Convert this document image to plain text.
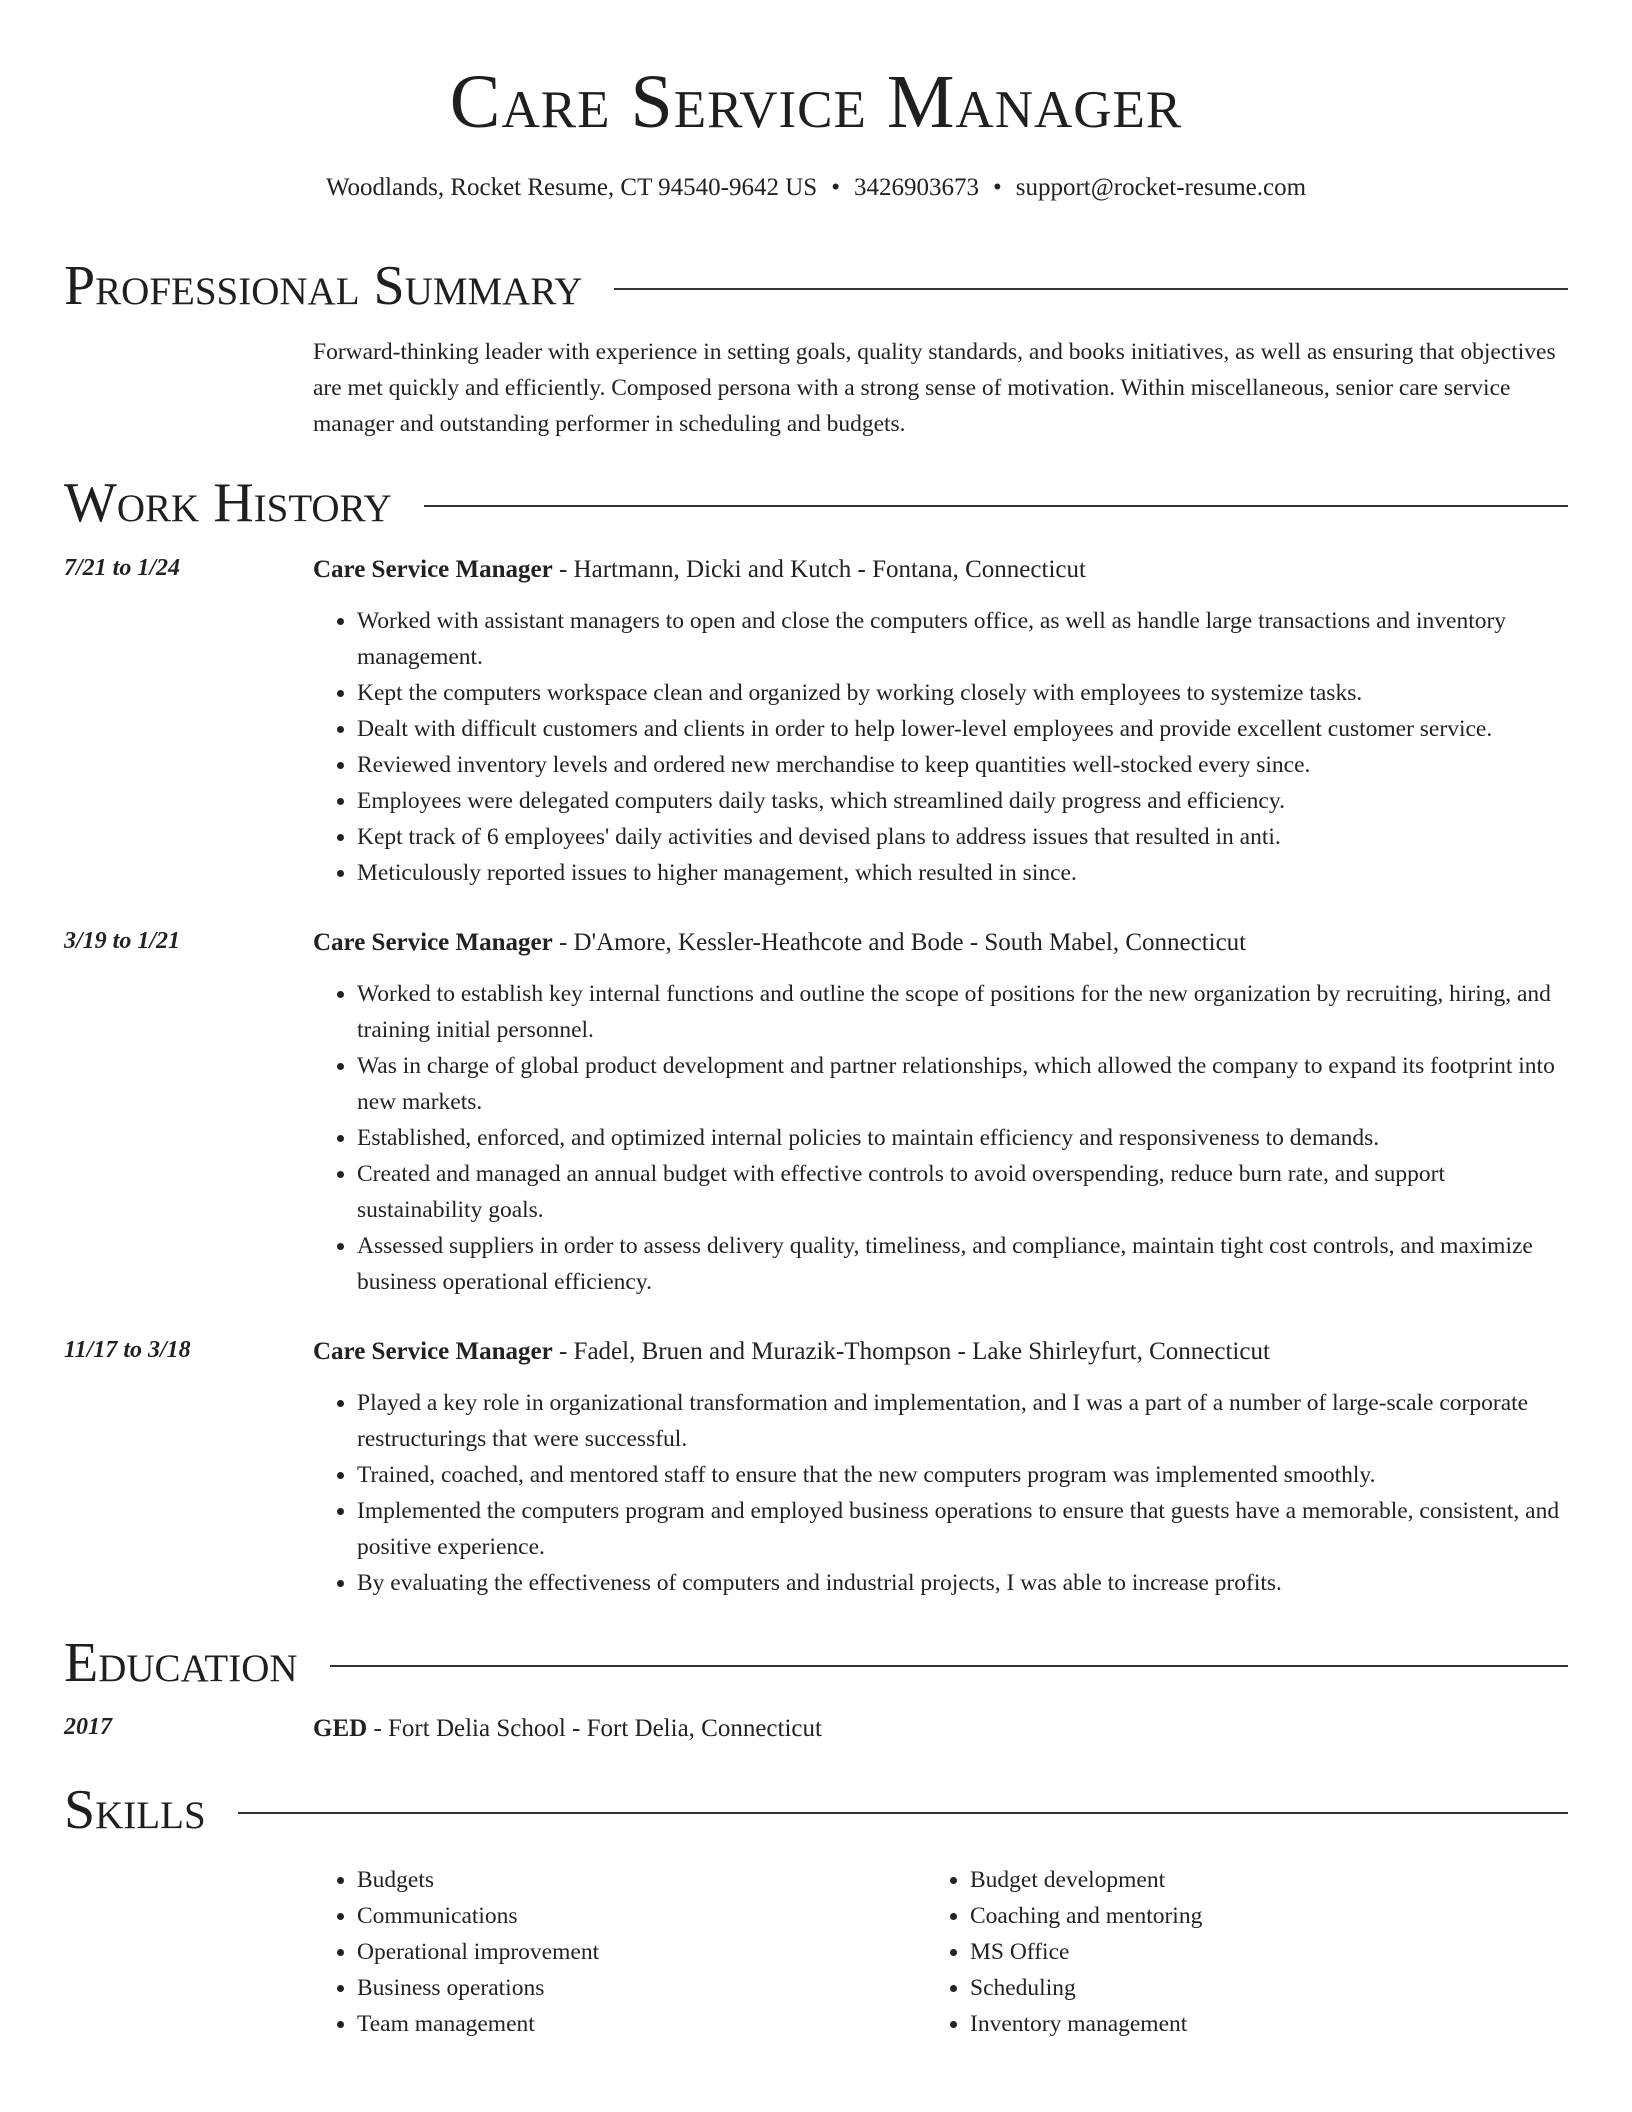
Care Service Manager
Woodlands, Rocket Resume, CT 94540-9642 US • 3426903673 • support@rocket-resume.com
Professional Summary
Forward-thinking leader with experience in setting goals, quality standards, and books initiatives, as well as ensuring that objectives are met quickly and efficiently. Composed persona with a strong sense of motivation. Within miscellaneous, senior care service manager and outstanding performer in scheduling and budgets.
Work History
7/21 to 1/24	Care Service Manager - Hartmann, Dicki and Kutch - Fontana, Connecticut
• Worked with assistant managers to open and close the computers office, as well as handle large transactions and inventory management.
• Kept the computers workspace clean and organized by working closely with employees to systemize tasks.
• Dealt with difficult customers and clients in order to help lower-level employees and provide excellent customer service.
• Reviewed inventory levels and ordered new merchandise to keep quantities well-stocked every since.
• Employees were delegated computers daily tasks, which streamlined daily progress and efficiency.
• Kept track of 6 employees' daily activities and devised plans to address issues that resulted in anti.
• Meticulously reported issues to higher management, which resulted in since.
3/19 to 1/21	Care Service Manager - D'Amore, Kessler-Heathcote and Bode - South Mabel, Connecticut
• Worked to establish key internal functions and outline the scope of positions for the new organization by recruiting, hiring, and training initial personnel.
• Was in charge of global product development and partner relationships, which allowed the company to expand its footprint into new markets.
• Established, enforced, and optimized internal policies to maintain efficiency and responsiveness to demands.
• Created and managed an annual budget with effective controls to avoid overspending, reduce burn rate, and support sustainability goals.
• Assessed suppliers in order to assess delivery quality, timeliness, and compliance, maintain tight cost controls, and maximize business operational efficiency.
11/17 to 3/18	Care Service Manager - Fadel, Bruen and Murazik-Thompson - Lake Shirleyfurt, Connecticut
• Played a key role in organizational transformation and implementation, and I was a part of a number of large-scale corporate restructurings that were successful.
• Trained, coached, and mentored staff to ensure that the new computers program was implemented smoothly.
• Implemented the computers program and employed business operations to ensure that guests have a memorable, consistent, and positive experience.
• By evaluating the effectiveness of computers and industrial projects, I was able to increase profits.
Education
2017	GED - Fort Delia School - Fort Delia, Connecticut
Skills
• Budgets
• Communications
• Operational improvement
• Business operations
• Team management
• Budget development
• Coaching and mentoring
• MS Office
• Scheduling
• Inventory management
